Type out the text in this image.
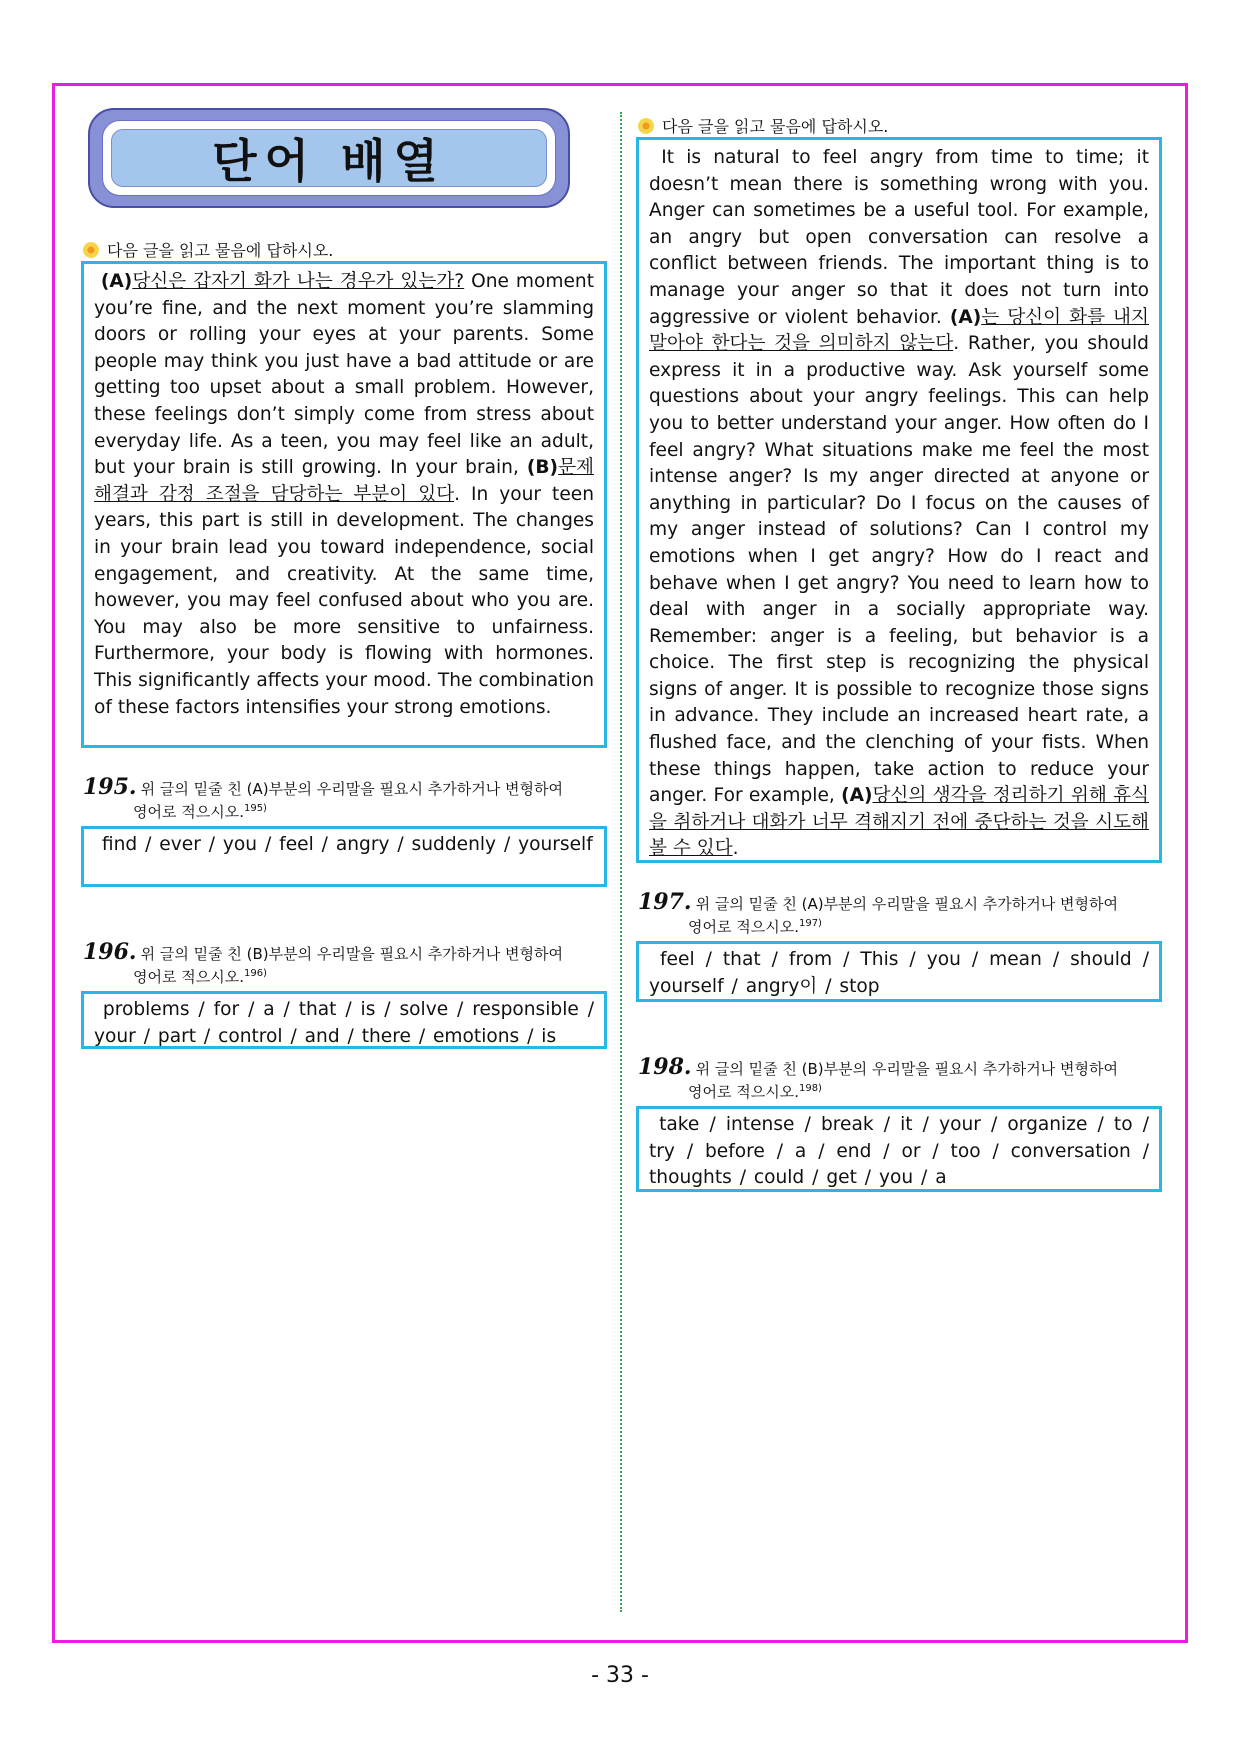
단어 배열
다음 글을 읽고 물음에 답하시오.
(A)당신은 갑자기 화가 나는 경우가 있는가? One moment you’re fine, and the next moment you’re slamming doors or rolling your eyes at your parents. Some people may think you just have a bad attitude or are getting too upset about a small problem. However, these feelings don’t simply come from stress about everyday life. As a teen, you may feel like an adult, but your brain is still growing. In your brain, (B)문제 해결과 감정 조절을 담당하는 부분이 있다. In your teen years, this part is still in development. The changes in your brain lead you toward independence, social engagement, and creativity. At the same time, however, you may feel confused about who you are. You may also be more sensitive to unfairness. Furthermore, your body is flowing with hormones. This significantly affects your mood. The combination of these factors intensifies your strong emotions.
195. 위 글의 밑줄 친 (A)부분의 우리말을 필요시 추가하거나 변형하여
영어로 적으시오.$^{195)}$
find / ever / you / feel / angry / suddenly / yourself
196. 위 글의 밑줄 친 (B)부분의 우리말을 필요시 추가하거나 변형하여
영어로 적으시오.$^{196)}$
problems / for / a / that / is / solve / responsible / your / part / control / and / there / emotions / is
다음 글을 읽고 물음에 답하시오.
It is natural to feel angry from time to time; it doesn’t mean there is something wrong with you. Anger can sometimes be a useful tool. For example, an angry but open conversation can resolve a conflict between friends. The important thing is to manage your anger so that it does not turn into aggressive or violent behavior. (A)는 당신이 화를 내지 말아야 한다는 것을 의미하지 않는다. Rather, you should express it in a productive way. Ask yourself some questions about your angry feelings. This can help you to better understand your anger. How often do I feel angry? What situations make me feel the most intense anger? Is my anger directed at anyone or anything in particular? Do I focus on the causes of my anger instead of solutions? Can I control my emotions when I get angry? How do I react and behave when I get angry? You need to learn how to deal with anger in a socially appropriate way. Remember: anger is a feeling, but behavior is a choice. The first step is recognizing the physical signs of anger. It is possible to recognize those signs in advance. They include an increased heart rate, a flushed face, and the clenching of your fists. When these things happen, take action to reduce your anger. For example, (A)당신의 생각을 정리하기 위해 휴식을 취하거나 대화가 너무 격해지기 전에 중단하는 것을 시도해 볼 수 있다.
197. 위 글의 밑줄 친 (A)부분의 우리말을 필요시 추가하거나 변형하여
영어로 적으시오.$^{197)}$
feel / that / from / This / you / mean / should / yourself / angry이 / stop
198. 위 글의 밑줄 친 (B)부분의 우리말을 필요시 추가하거나 변형하여
영어로 적으시오.$^{198)}$
take / intense / break / it / your / organize / to / try / before / a / end / or / too / conversation / thoughts / could / get / you / a
- 33 -
